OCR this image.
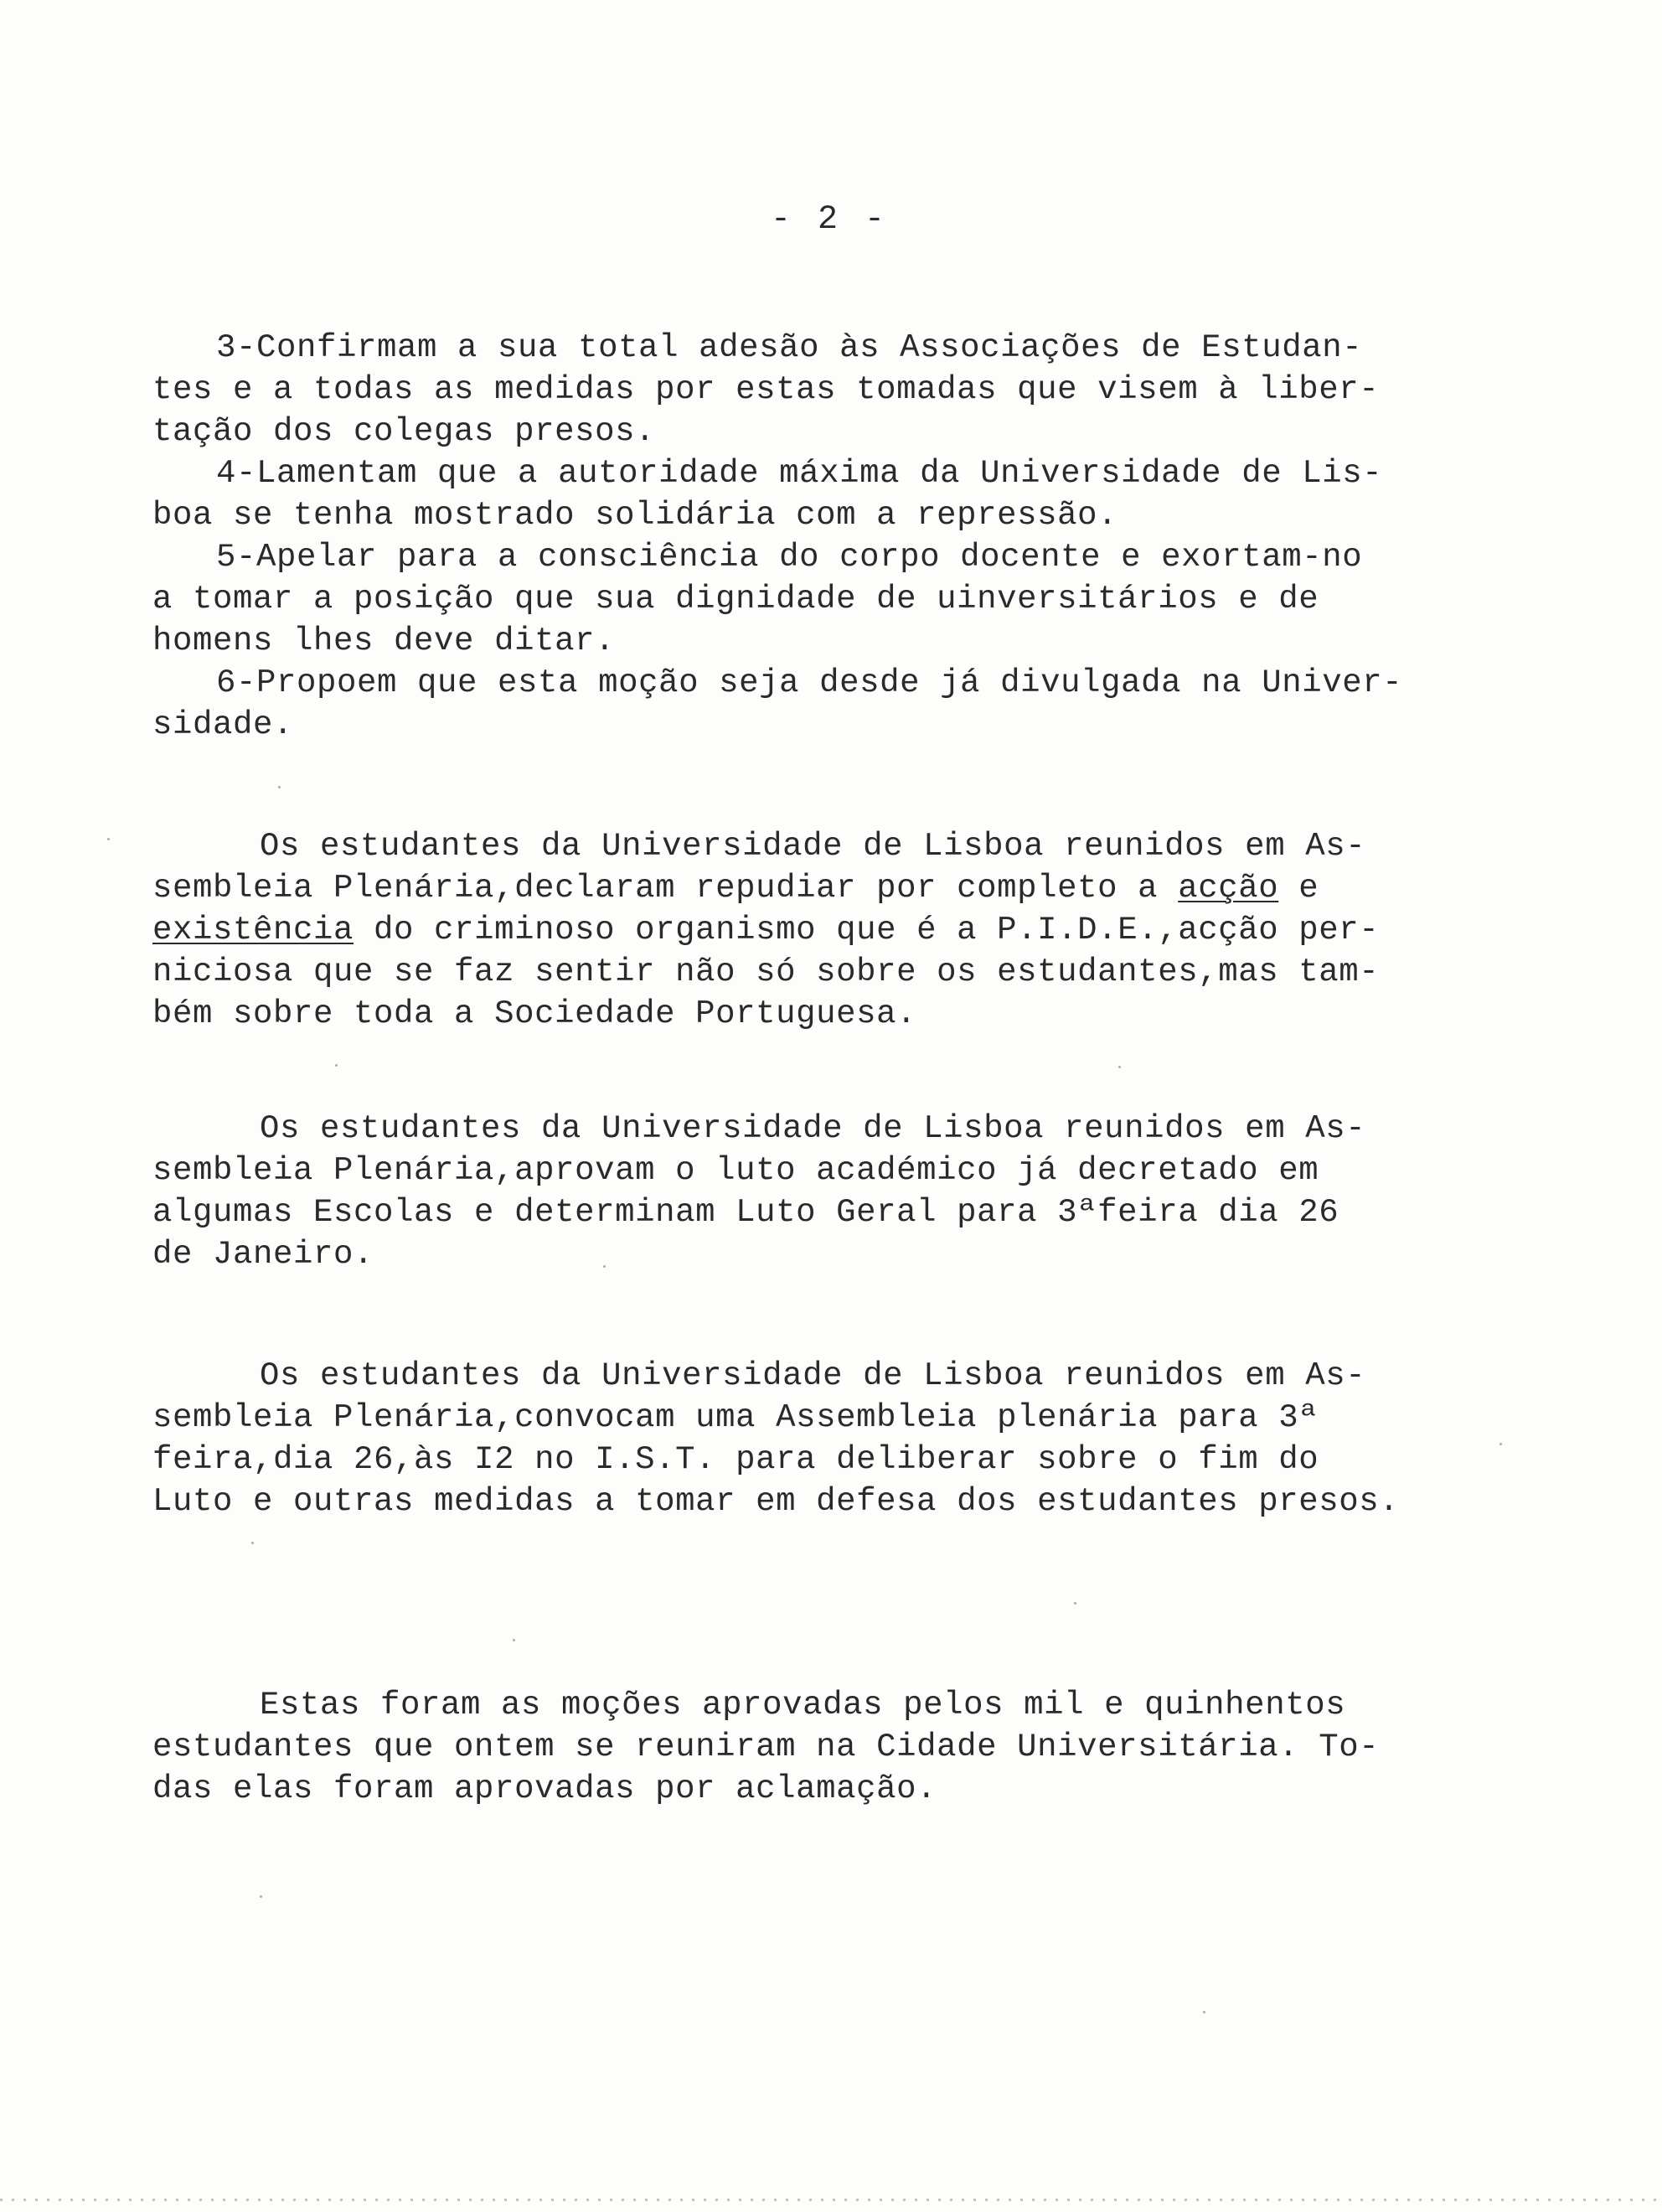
- 2 -
3-Confirmam a sua total adesão às Associações de Estudan-
tes e a todas as medidas por estas tomadas que visem à liber-
tação dos colegas presos.
4-Lamentam que a autoridade máxima da Universidade de Lis-
boa se tenha mostrado solidária com a repressão.
5-Apelar para a consciência do corpo docente e exortam-no
a tomar a posição que sua dignidade de uinversitários e de
homens lhes deve ditar.
6-Propoem que esta moção seja desde já divulgada na Univer-
sidade.
Os estudantes da Universidade de Lisboa reunidos em As-
sembleia Plenária,declaram repudiar por completo a acção e
existência do criminoso organismo que é a P.I.D.E.,acção per-
niciosa que se faz sentir não só sobre os estudantes,mas tam-
bém sobre toda a Sociedade Portuguesa.
Os estudantes da Universidade de Lisboa reunidos em As-
sembleia Plenária,aprovam o luto académico já decretado em
algumas Escolas e determinam Luto Geral para 3ªfeira dia 26
de Janeiro.
Os estudantes da Universidade de Lisboa reunidos em As-
sembleia Plenária,convocam uma Assembleia plenária para 3ª
feira,dia 26,às I2 no I.S.T. para deliberar sobre o fim do
Luto e outras medidas a tomar em defesa dos estudantes presos.
Estas foram as moções aprovadas pelos mil e quinhentos
estudantes que ontem se reuniram na Cidade Universitária. To-
das elas foram aprovadas por aclamação.
